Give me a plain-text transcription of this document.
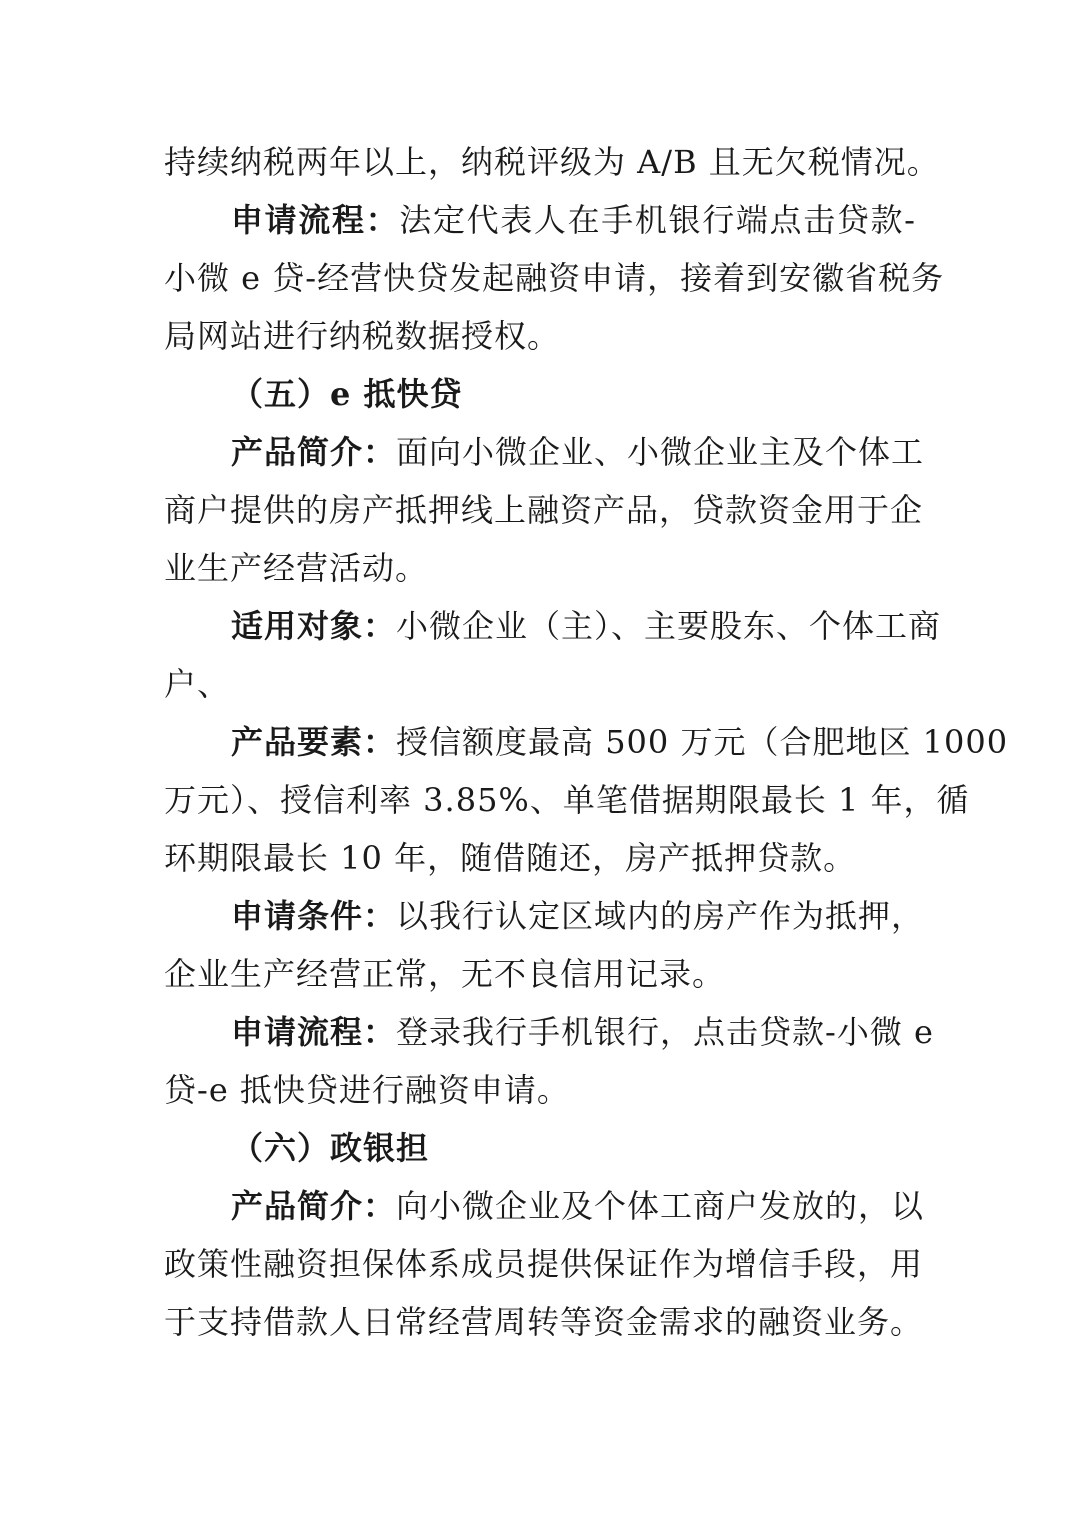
持续纳税两年以上，纳税评级为 A/B 且无欠税情况。
申请流程：法定代表人在手机银行端点击贷款-
小微 e 贷-经营快贷发起融资申请，接着到安徽省税务
局网站进行纳税数据授权。
（五）e 抵快贷
产品简介：面向小微企业、小微企业主及个体工
商户提供的房产抵押线上融资产品，贷款资金用于企
业生产经营活动。
适用对象：小微企业（主）、主要股东、个体工商
户、
产品要素：授信额度最高 500 万元（合肥地区 1000
万元）、授信利率 3.85%、单笔借据期限最长 1 年，循
环期限最长 10 年，随借随还，房产抵押贷款。
申请条件：以我行认定区域内的房产作为抵押，
企业生产经营正常，无不良信用记录。
申请流程：登录我行手机银行，点击贷款-小微 e
贷-e 抵快贷进行融资申请。
（六）政银担
产品简介：向小微企业及个体工商户发放的，以
政策性融资担保体系成员提供保证作为增信手段，用
于支持借款人日常经营周转等资金需求的融资业务。
